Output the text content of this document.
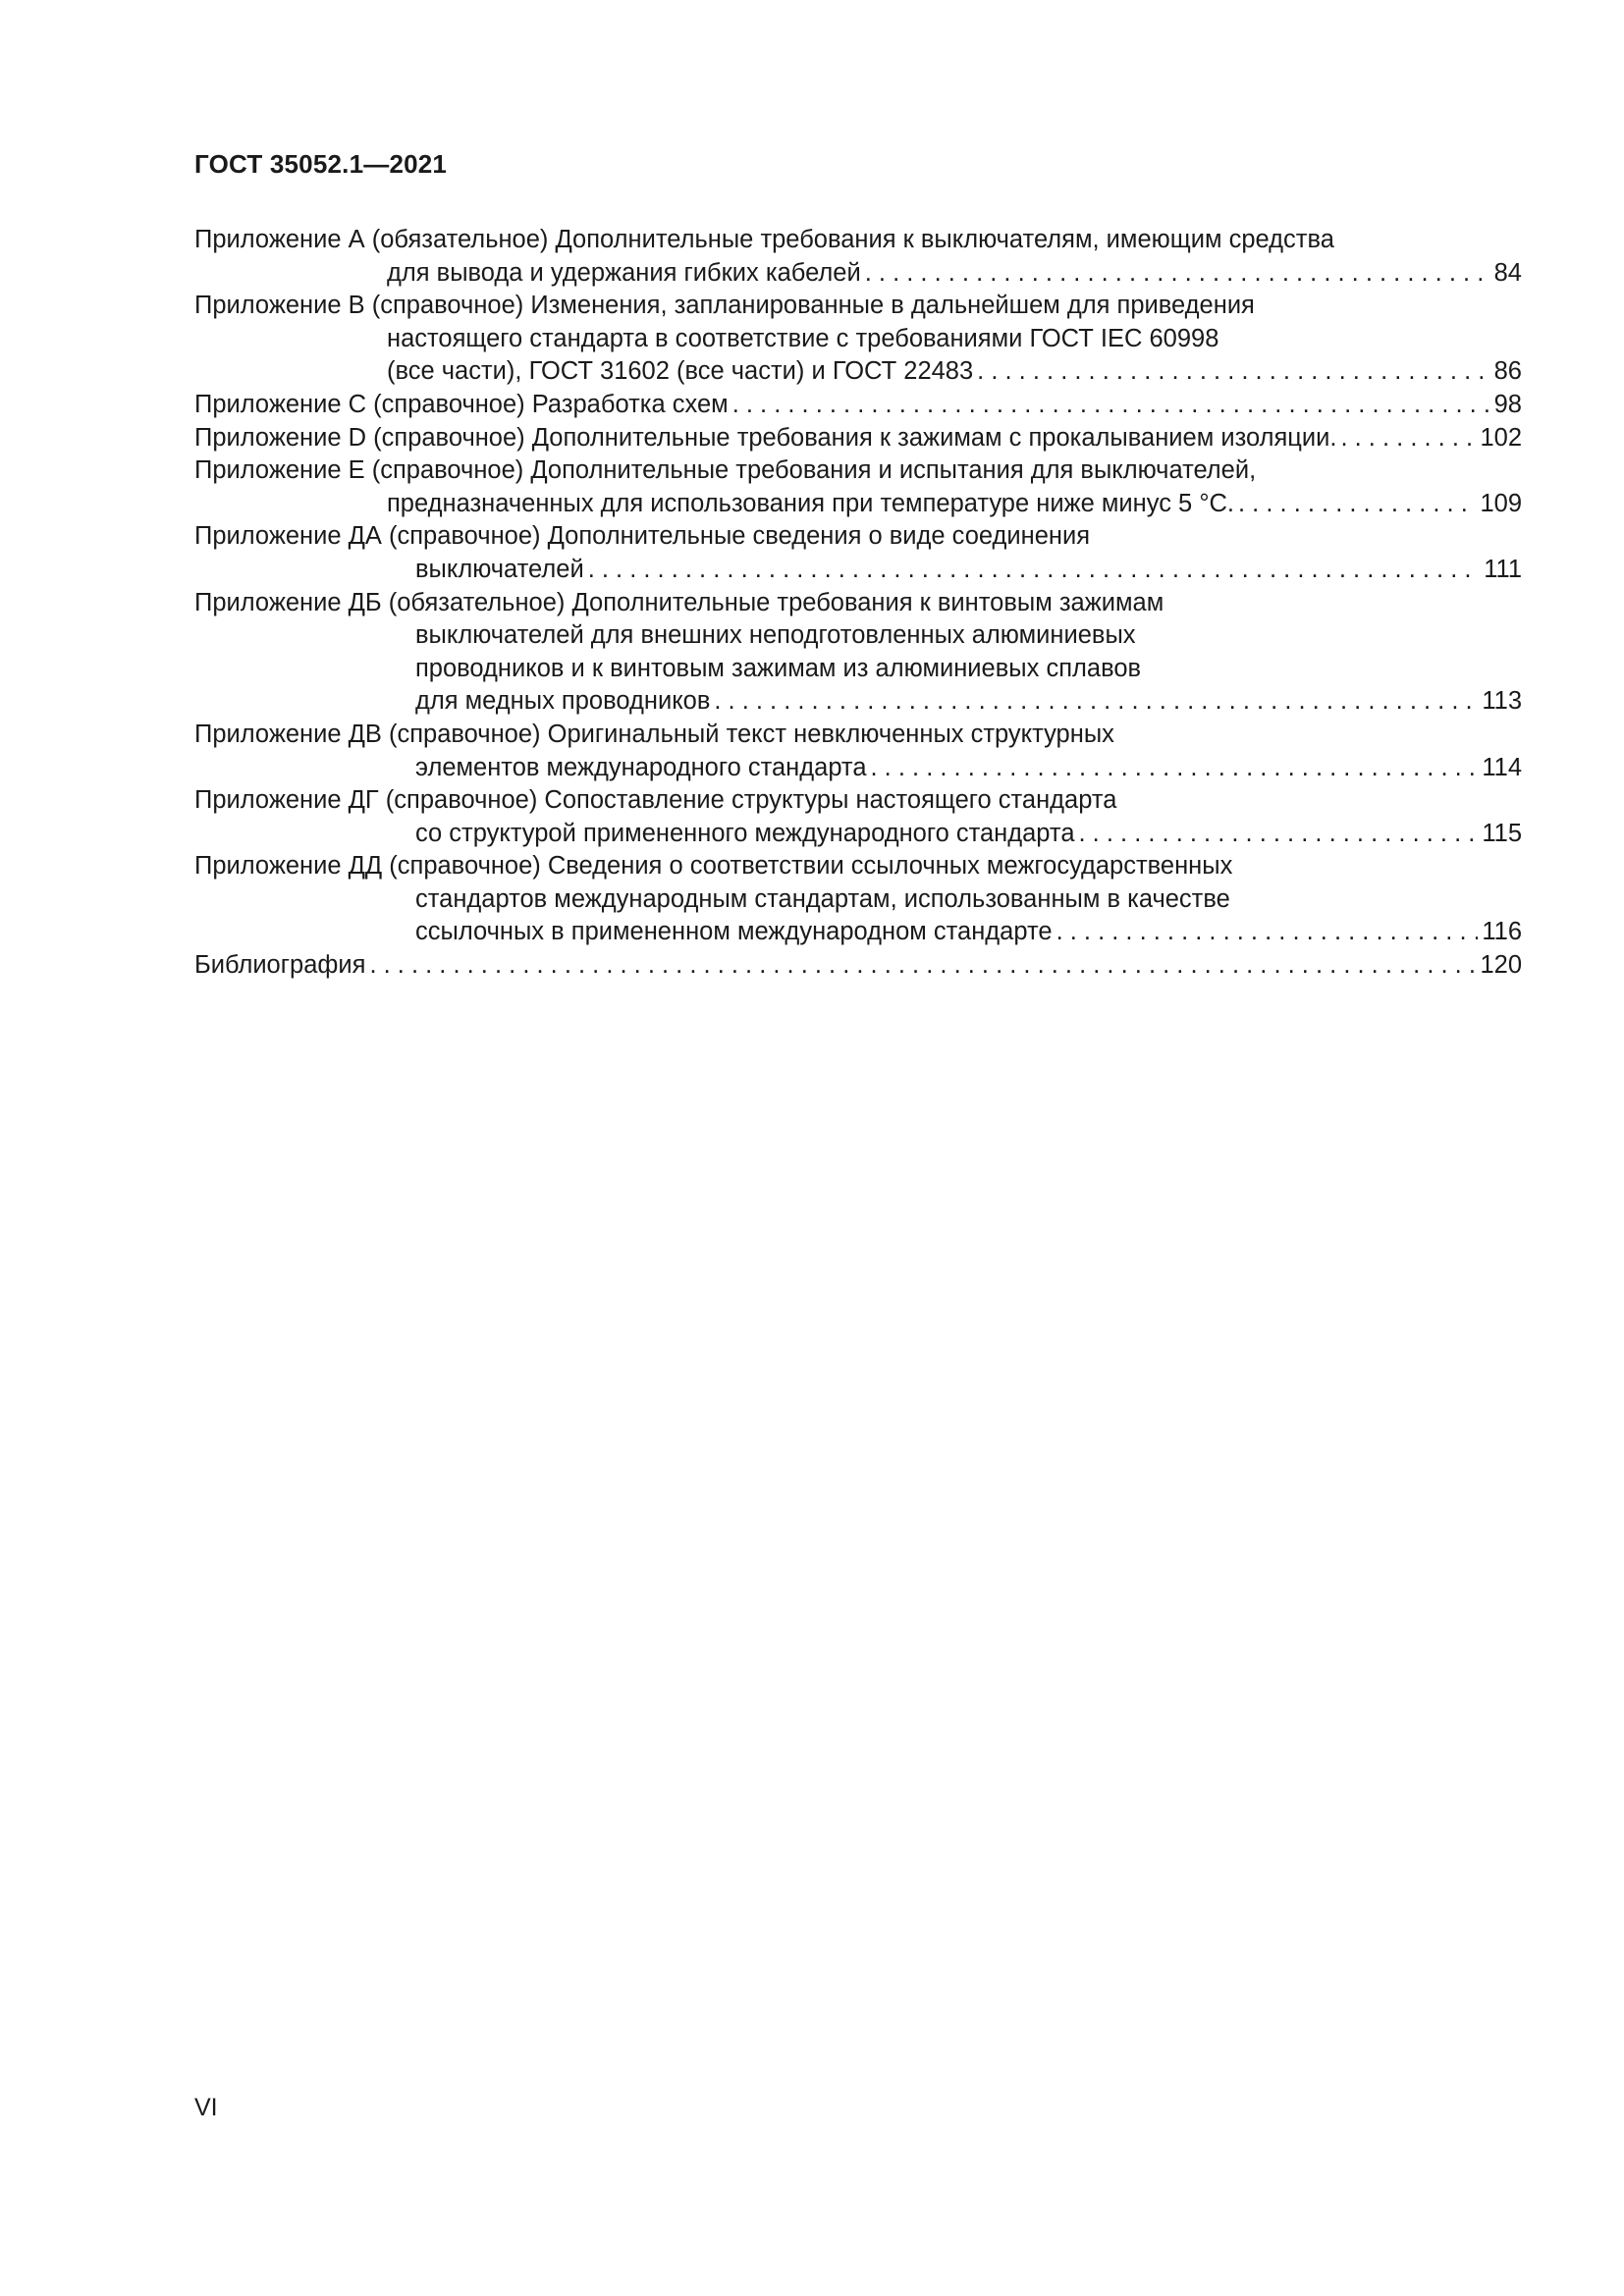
ГОСТ 35052.1—2021
Приложение А (обязательное) Дополнительные требования к выключателям, имеющим средства
для вывода и удержания гибких кабелей . . .	84
Приложение В (справочное) Изменения, запланированные в дальнейшем для приведения
настоящего стандарта в соответствие с требованиями ГОСТ IEC 60998
(все части), ГОСТ 31602 (все части) и ГОСТ 22483 . . .	86
Приложение С (справочное) Разработка схем . . .	98
Приложение D (справочное) Дополнительные требования к зажимам с прокалыванием изоляции. . . .	102
Приложение Е (справочное) Дополнительные требования и испытания для выключателей,
предназначенных для использования при температуре ниже минус 5 °С. . . .	109
Приложение ДА (справочное) Дополнительные сведения о виде соединения
выключателей . . .	111
Приложение ДБ (обязательное) Дополнительные требования к винтовым зажимам
выключателей для внешних неподготовленных алюминиевых
проводников и к винтовым зажимам из алюминиевых сплавов
для медных проводников . . .	113
Приложение ДВ (справочное) Оригинальный текст невключенных структурных
элементов международного стандарта . . .	114
Приложение ДГ (справочное) Сопоставление структуры настоящего стандарта
со структурой примененного международного стандарта . . .	115
Приложение ДД (справочное) Сведения о соответствии ссылочных межгосударственных
стандартов международным стандартам, использованным в качестве
ссылочных в примененном международном стандарте . . .	116
Библиография . . .	120
VI
